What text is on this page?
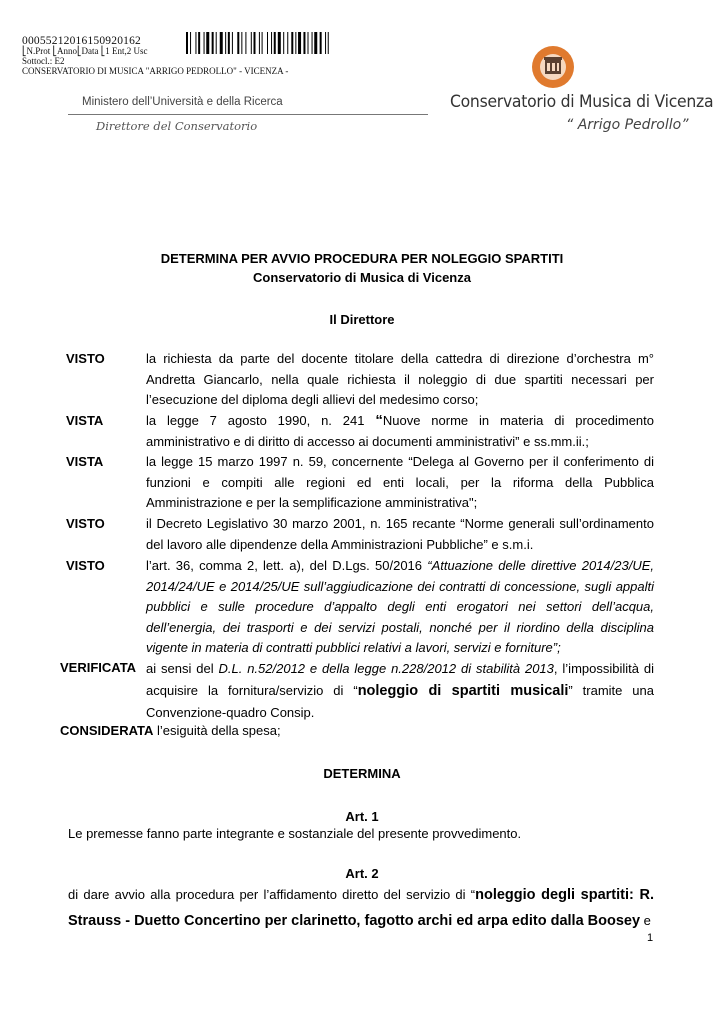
00055212016150920162
⎣N.Prot ⎣Anno⎣Data ⎣1 Ent,2 Usc
Sottocl.: E2
CONSERVATORIO DI MUSICA "ARRIGO PEDROLLO" - VICENZA -
Ministero dell’Università e della Ricerca
Direttore del Conservatorio
Conservatorio di Musica di Vicenza
“ Arrigo Pedrollo”
DETERMINA PER AVVIO PROCEDURA PER NOLEGGIO SPARTITI
Conservatorio di Musica di Vicenza
Il Direttore
VISTO	la richiesta da parte del docente titolare della cattedra di direzione d’orchestra m° Andretta Giancarlo, nella quale richiesta il noleggio di due spartiti necessari per l’esecuzione del diploma degli allievi del medesimo corso;
VISTA	la legge 7 agosto 1990, n. 241 “Nuove norme in materia di procedimento amministrativo e di diritto di accesso ai documenti amministrativi” e ss.mm.ii.;
VISTA	la legge 15 marzo 1997 n. 59, concernente “Delega al Governo per il conferimento di funzioni e compiti alle regioni ed enti locali, per la riforma della Pubblica Amministrazione e per la semplificazione amministrativa";
VISTO	il Decreto Legislativo 30 marzo 2001, n. 165 recante “Norme generali sull’ordinamento del lavoro alle dipendenze della Amministrazioni Pubbliche” e s.m.i.
VISTO	l’art. 36, comma 2, lett. a), del D.Lgs. 50/2016 “Attuazione delle direttive 2014/23/UE, 2014/24/UE e 2014/25/UE sull’aggiudicazione dei contratti di concessione, sugli appalti pubblici e sulle procedure d’appalto degli enti erogatori nei settori dell’acqua, dell’energia, dei trasporti e dei servizi postali, nonché per il riordino della disciplina vigente in materia di contratti pubblici relativi a lavori, servizi e forniture”;
VERIFICATA ai sensi del D.L. n.52/2012 e della legge n.228/2012 di stabilità 2013, l’impossibilità di acquisire la fornitura/servizio di “noleggio di spartiti musicali” tramite una Convenzione-quadro Consip.
CONSIDERATA l’esiguità della spesa;
DETERMINA
Art. 1
Le premesse fanno parte integrante e sostanziale del presente provvedimento.
Art. 2
di dare avvio alla procedura per l’affidamento diretto del servizio di “noleggio degli spartiti: R. Strauss - Duetto Concertino per clarinetto, fagotto archi ed arpa edito dalla Boosey e
1
